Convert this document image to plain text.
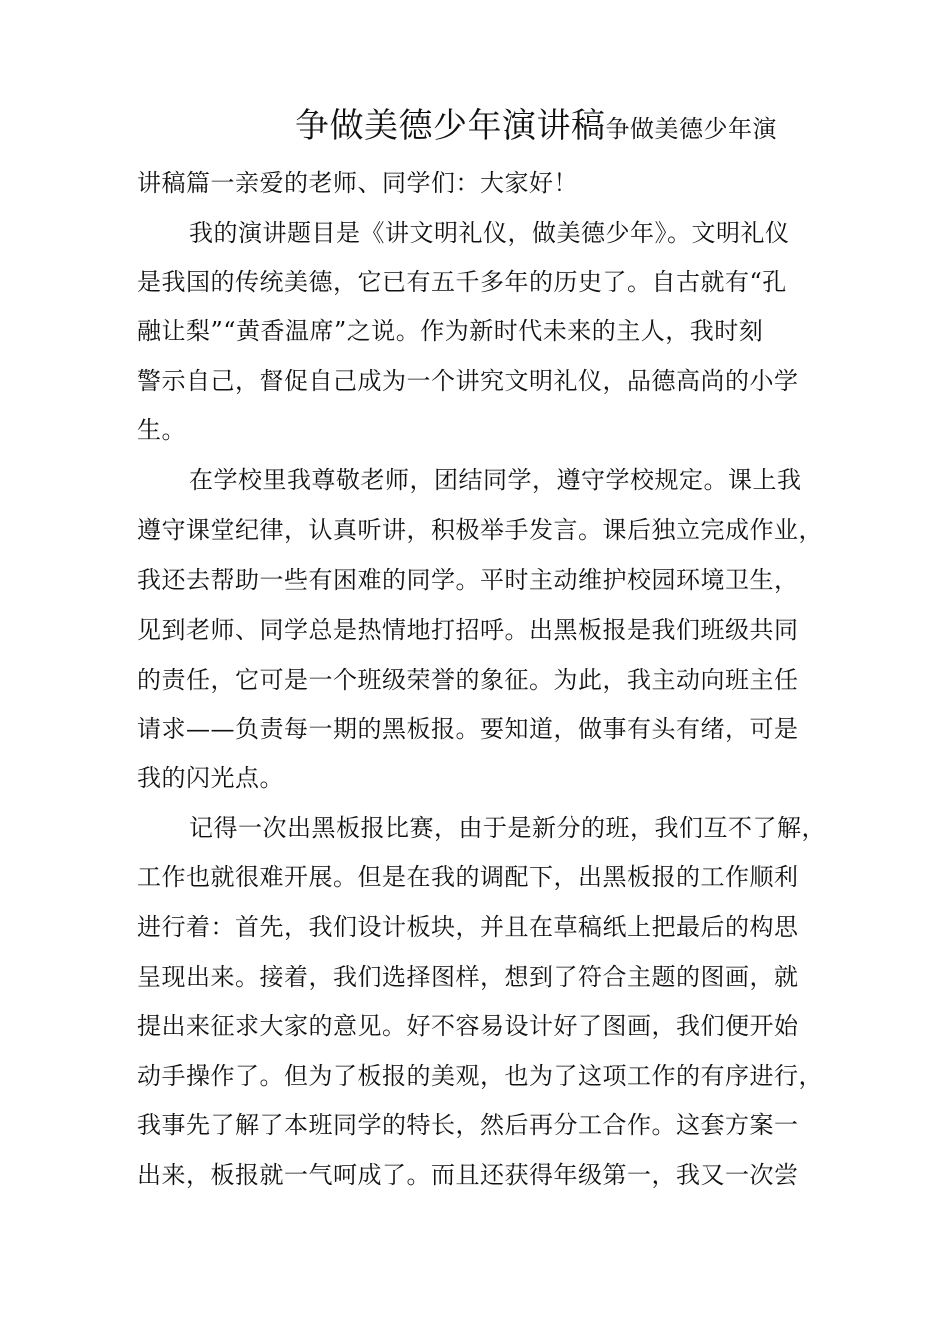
争做美德少年演讲稿争做美德少年演
讲稿篇一亲爱的老师、同学们：大家好！
我的演讲题目是《讲文明礼仪，做美德少年》。文明礼仪
是我国的传统美德，它已有五千多年的历史了。自古就有“孔
融让梨”“黄香温席”之说。作为新时代未来的主人，我时刻
警示自己，督促自己成为一个讲究文明礼仪，品德高尚的小学
生。
在学校里我尊敬老师，团结同学，遵守学校规定。课上我
遵守课堂纪律，认真听讲，积极举手发言。课后独立完成作业，
我还去帮助一些有困难的同学。平时主动维护校园环境卫生，
见到老师、同学总是热情地打招呼。出黑板报是我们班级共同
的责任，它可是一个班级荣誉的象征。为此，我主动向班主任
请求——负责每一期的黑板报。要知道，做事有头有绪，可是
我的闪光点。
记得一次出黑板报比赛，由于是新分的班，我们互不了解，
工作也就很难开展。但是在我的调配下，出黑板报的工作顺利
进行着：首先，我们设计板块，并且在草稿纸上把最后的构思
呈现出来。接着，我们选择图样，想到了符合主题的图画，就
提出来征求大家的意见。好不容易设计好了图画，我们便开始
动手操作了。但为了板报的美观，也为了这项工作的有序进行，
我事先了解了本班同学的特长，然后再分工合作。这套方案一
出来，板报就一气呵成了。而且还获得年级第一，我又一次尝
